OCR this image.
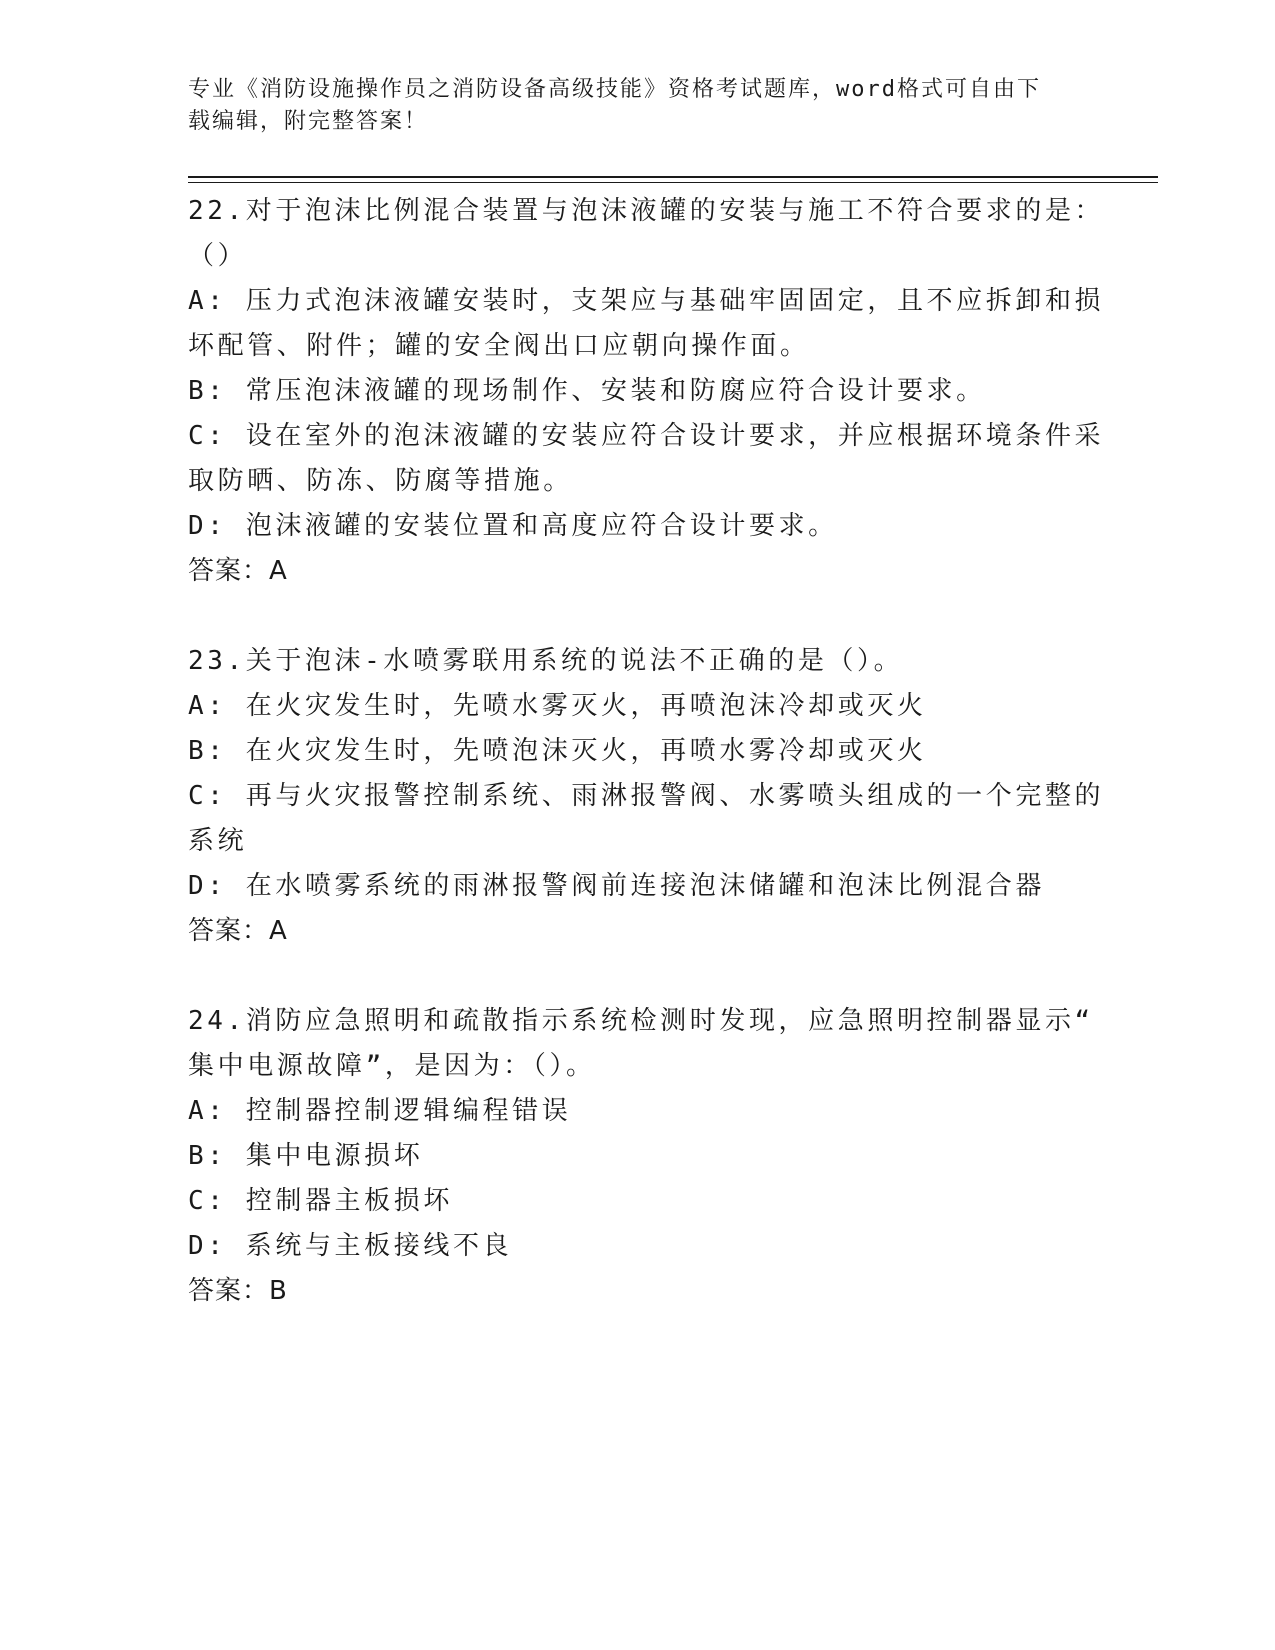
专业《消防设施操作员之消防设备高级技能》资格考试题库，word格式可自由下
载编辑，附完整答案！
22.对于泡沫比例混合装置与泡沫液罐的安装与施工不符合要求的是：
（）
A: 压力式泡沫液罐安装时，支架应与基础牢固固定，且不应拆卸和损
坏配管、附件；罐的安全阀出口应朝向操作面。
B: 常压泡沫液罐的现场制作、安装和防腐应符合设计要求。
C: 设在室外的泡沫液罐的安装应符合设计要求，并应根据环境条件采
取防晒、防冻、防腐等措施。
D: 泡沫液罐的安装位置和高度应符合设计要求。
答案：A
23.关于泡沫-水喷雾联用系统的说法不正确的是（）。
A: 在火灾发生时，先喷水雾灭火，再喷泡沫冷却或灭火
B: 在火灾发生时，先喷泡沫灭火，再喷水雾冷却或灭火
C: 再与火灾报警控制系统、雨淋报警阀、水雾喷头组成的一个完整的
系统
D: 在水喷雾系统的雨淋报警阀前连接泡沫储罐和泡沫比例混合器
答案：A
24.消防应急照明和疏散指示系统检测时发现，应急照明控制器显示“
集中电源故障”，是因为：（）。
A: 控制器控制逻辑编程错误
B: 集中电源损坏
C: 控制器主板损坏
D: 系统与主板接线不良
答案：B
